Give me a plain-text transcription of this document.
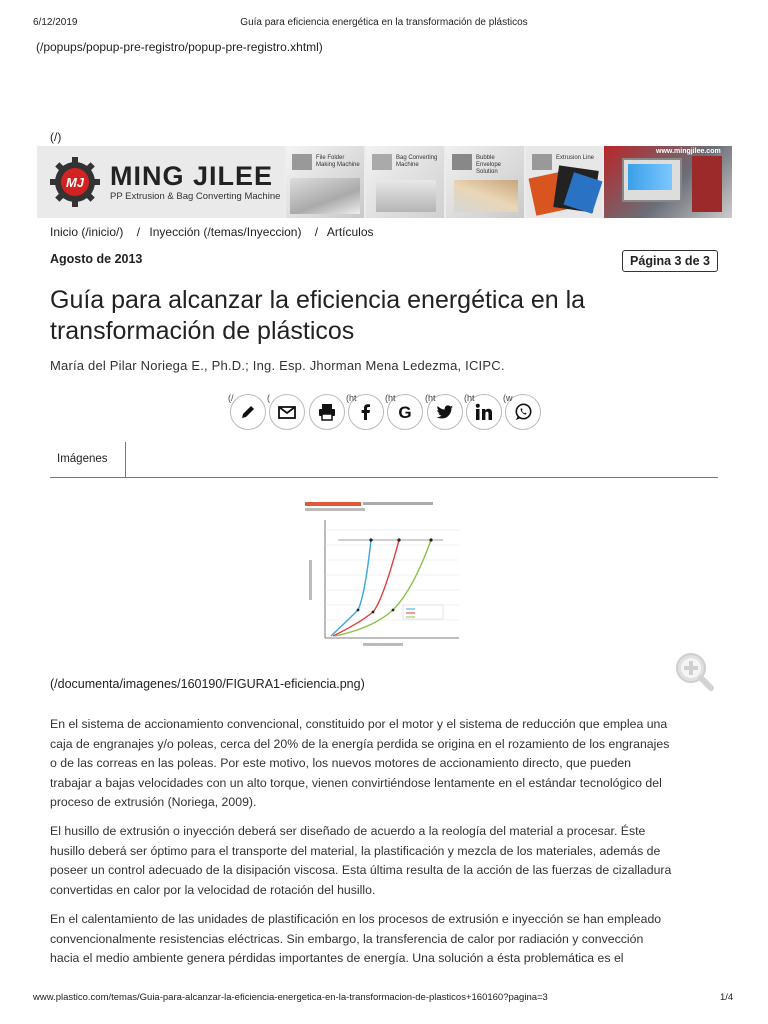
6/12/2019	Guía para eficiencia energética en la transformación de plásticos
(/popups/popup-pre-registro/popup-pre-registro.xhtml)
(/)
MJ MING JILEE
PP Extrusion & Bag Converting Machine
File Folder Making Machine
Bag Converting Machine
Bubble Envelope Solution
Extrusion Line
www.mingjilee.com
Inicio (/inicio/) / Inyección (/temas/Inyeccion) / Artículos
Agosto de 2013	Página 3 de 3
Guía para alcanzar la eficiencia energética en la transformación de plásticos
María del Pilar Noriega E., Ph.D.; Ing. Esp. Jhorman Mena Ledezma, ICIPC.
(/	(	(ht	(ht
G
(ht	(ht	(w
Imágenes
(/documenta/imagenes/160190/FIGURA1-eficiencia.png)
En el sistema de accionamiento convencional, constituido por el motor y el sistema de reducción que emplea una
caja de engranajes y/o poleas, cerca del 20% de la energía perdida se origina en el rozamiento de los engranajes
o de las correas en las poleas. Por este motivo, los nuevos motores de accionamiento directo, que pueden
trabajar a bajas velocidades con un alto torque, vienen convirtiéndose lentamente en el estándar tecnológico del
proceso de extrusión (Noriega, 2009).
El husillo de extrusión o inyección deberá ser diseñado de acuerdo a la reología del material a procesar. Éste
husillo deberá ser óptimo para el transporte del material, la plastificación y mezcla de los materiales, además de
poseer un control adecuado de la disipación viscosa. Esta última resulta de la acción de las fuerzas de cizalladura
convertidas en calor por la velocidad de rotación del husillo.
En el calentamiento de las unidades de plastificación en los procesos de extrusión e inyección se han empleado
convencionalmente resistencias eléctricas. Sin embargo, la transferencia de calor por radiación y convección
hacia el medio ambiente genera pérdidas importantes de energía. Una solución a ésta problemática es el
www.plastico.com/temas/Guia-para-alcanzar-la-eficiencia-energetica-en-la-transformacion-de-plasticos+160160?pagina=3	1/4
